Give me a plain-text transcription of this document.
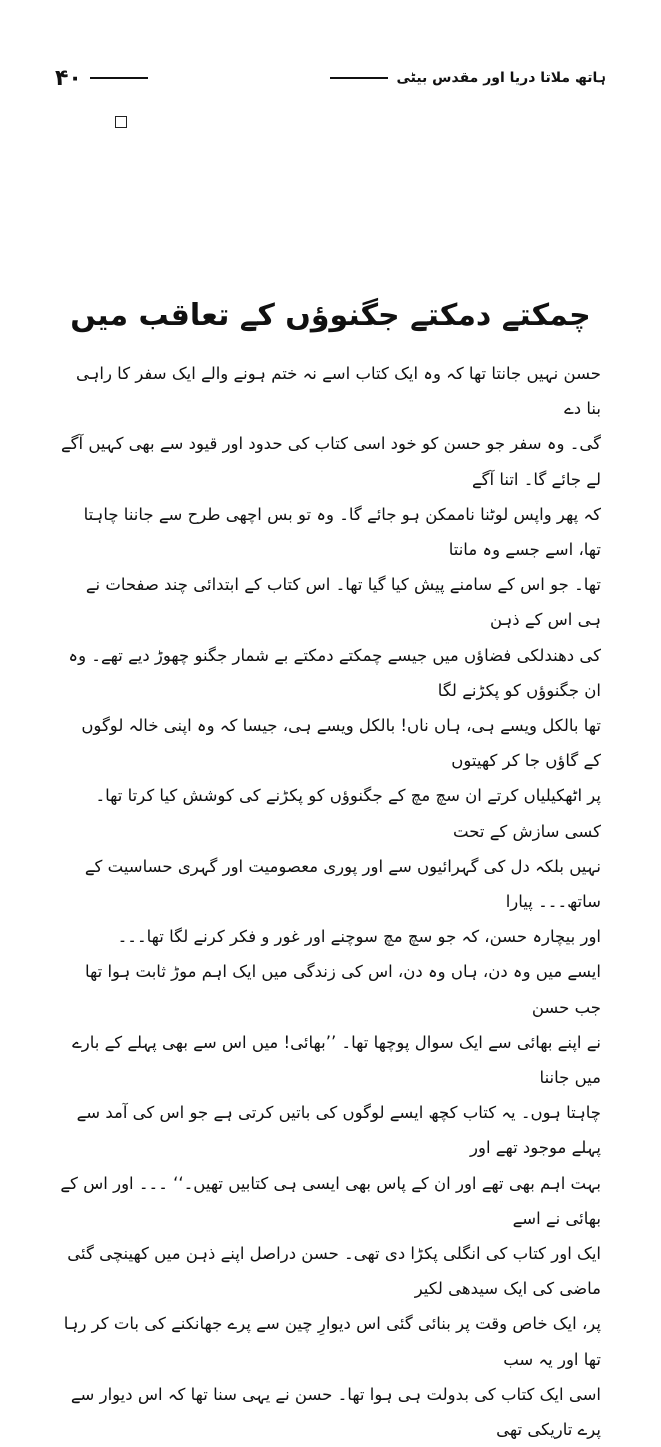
۴۰	ہاتھ ملاتا دریا اور مقدس بیٹی
چمکتے دمکتے جگنوؤں کے تعاقب میں

حسن نہیں جانتا تھا کہ وہ ایک کتاب اسے نہ ختم ہونے والے ایک سفر کا راہی بنا دے
گی۔ وہ سفر جو حسن کو خود اسی کتاب کی حدود اور قیود سے بھی کہیں آگے لے جائے گا۔ اتنا آگے
کہ پھر واپس لوٹنا ناممکن ہو جائے گا۔ وہ تو بس اچھی طرح سے جاننا چاہتا تھا، اسے جسے وہ مانتا
تھا۔ جو اس کے سامنے پیش کیا گیا تھا۔ اس کتاب کے ابتدائی چند صفحات نے ہی اس کے ذہن
کی دھندلکی فضاؤں میں جیسے چمکتے دمکتے بے شمار جگنو چھوڑ دیے تھے۔ وہ ان جگنوؤں کو پکڑنے لگا
تھا بالکل ویسے ہی، ہاں ناں! بالکل ویسے ہی، جیسا کہ وہ اپنی خالہ لوگوں کے گاؤں جا کر کھیتوں
پر اٹھکیلیاں کرتے ان سچ مچ کے جگنوؤں کو پکڑنے کی کوشش کیا کرتا تھا۔ کسی سازش کے تحت
نہیں بلکہ دل کی گہرائیوں سے اور پوری معصومیت اور گہری حساسیت کے ساتھ۔۔۔ پیارا
اور بیچارہ حسن، کہ جو سچ مچ سوچنے اور غور و فکر کرنے لگا تھا۔۔۔

ایسے میں وہ دن، ہاں وہ دن، اس کی زندگی میں ایک اہم موڑ ثابت ہوا تھا جب حسن
نے اپنے بھائی سے ایک سوال پوچھا تھا۔ ’’بھائی! میں اس سے بھی پہلے کے بارے میں جاننا
چاہتا ہوں۔ یہ کتاب کچھ ایسے لوگوں کی باتیں کرتی ہے جو اس کی آمد سے پہلے موجود تھے اور
بہت اہم بھی تھے اور ان کے پاس بھی ایسی ہی کتابیں تھیں۔‘‘ ۔۔۔ اور اس کے بھائی نے اسے
ایک اور کتاب کی انگلی پکڑا دی تھی۔ حسن دراصل اپنے ذہن میں کھینچی گئی ماضی کی ایک سیدھی لکیر
پر، ایک خاص وقت پر بنائی گئی اس دیوارِ چین سے پرے جھانکنے کی بات کر رہا تھا اور یہ سب
اسی ایک کتاب کی بدولت ہی ہوا تھا۔ حسن نے یہی سنا تھا کہ اس دیوار سے پرے تاریکی تھی
